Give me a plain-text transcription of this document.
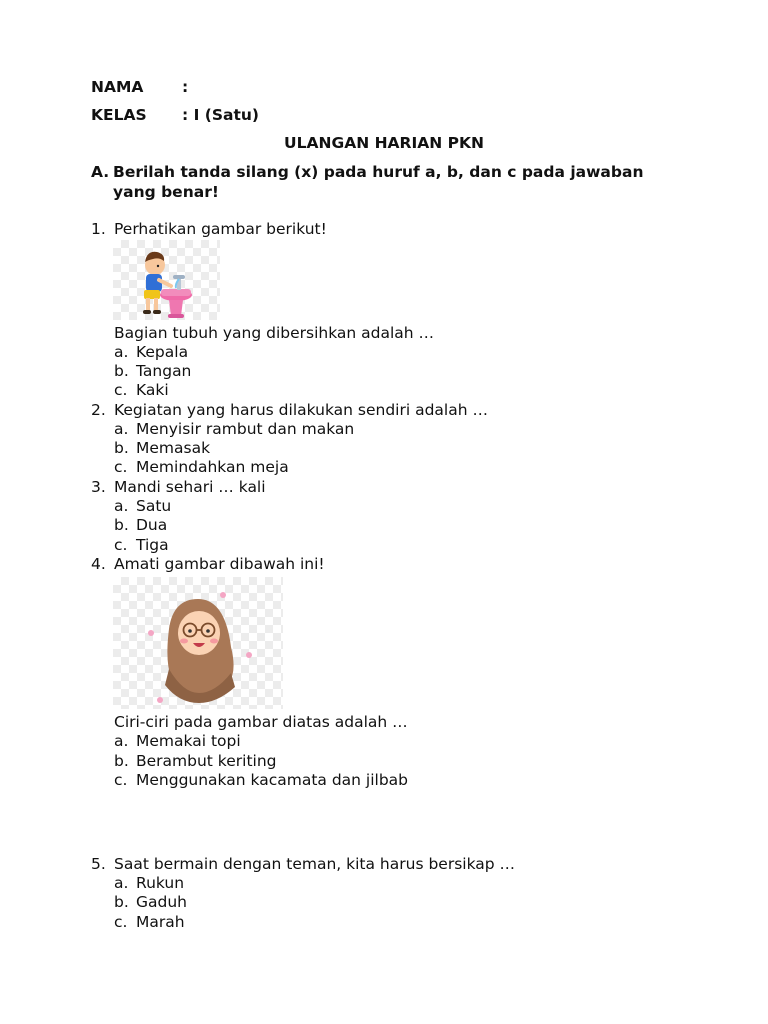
NAMA :
KELAS : I (Satu)
ULANGAN HARIAN PKN
A. Berilah tanda silang (x) pada huruf a, b, dan c pada jawaban yang benar!
1. Perhatikan gambar berikut!
Bagian tubuh yang dibersihkan adalah …
a. Kepala
b. Tangan
c. Kaki
2. Kegiatan yang harus dilakukan sendiri adalah …
a. Menyisir rambut dan makan
b. Memasak
c. Memindahkan meja
3. Mandi sehari … kali
a. Satu
b. Dua
c. Tiga
4. Amati gambar dibawah ini!
Ciri-ciri pada gambar diatas adalah …
a. Memakai topi
b. Berambut keriting
c. Menggunakan kacamata dan jilbab
5. Saat bermain dengan teman, kita harus bersikap …
a. Rukun
b. Gaduh
c. Marah
